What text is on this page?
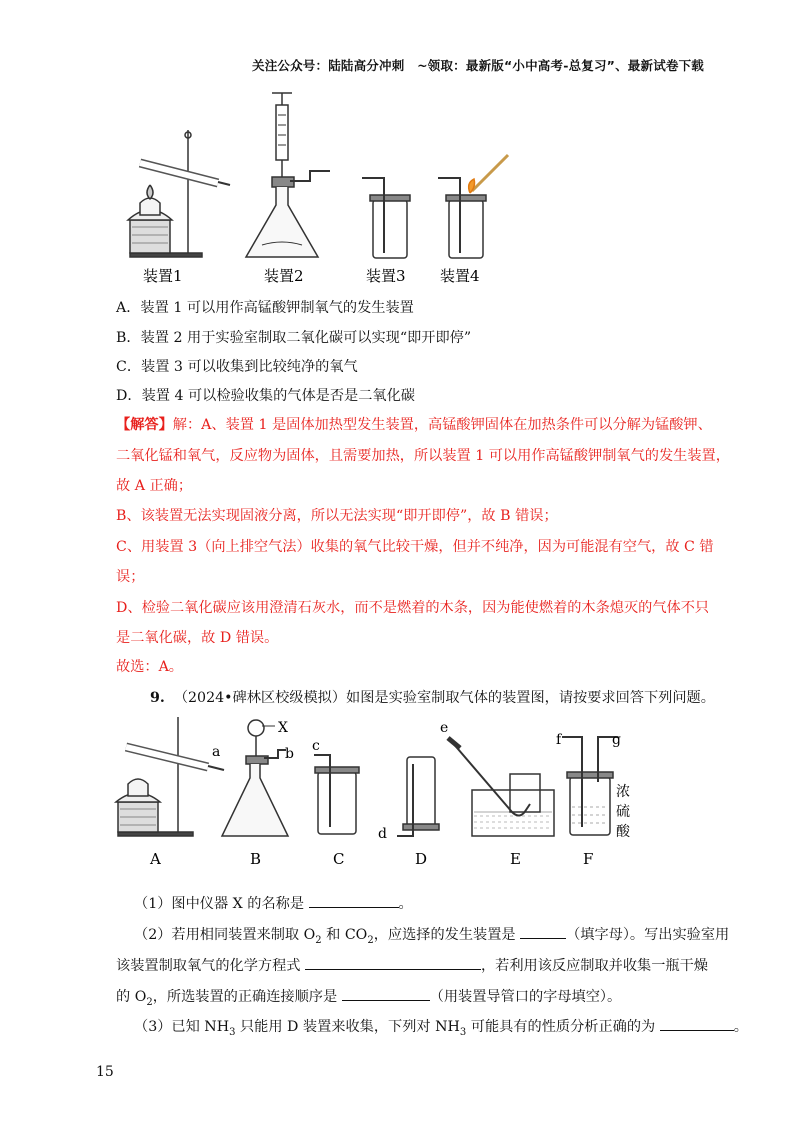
关注公众号：陆陆高分冲刺　~领取：最新版“小中高考-总复习”、最新试卷下载
装置1	装置2	装置3 装置4
A．装置 1 可以用作高锰酸钾制氧气的发生装置
B．装置 2 用于实验室制取二氧化碳可以实现“即开即停”
C．装置 3 可以收集到比较纯净的氧气
D．装置 4 可以检验收集的气体是否是二氧化碳
【解答】解：A、装置 1 是固体加热型发生装置，高锰酸钾固体在加热条件可以分解为锰酸钾、
二氧化锰和氧气，反应物为固体，且需要加热，所以装置 1 可以用作高锰酸钾制氧气的发生装置，
故 A 正确；
B、该装置无法实现固液分离，所以无法实现“即开即停”，故 B 错误；
C、用装置 3（向上排空气法）收集的氧气比较干燥，但并不纯净，因为可能混有空气，故 C 错
误；
D、检验二氧化碳应该用澄清石灰水，而不是燃着的木条，因为能使燃着的木条熄灭的气体不只
是二氧化碳，故 D 错误。
故选：A。
9. （2024•碑林区校级模拟）如图是实验室制取气体的装置图，请按要求回答下列问题。
a
X
b c
d
e
f	g
浓
硫
酸
A	B	C	D	E	F
（1）图中仪器 X 的名称是	。
（2）若用相同装置来制取 $O_2$ 和 $CO_2$，应选择的发生装置是	（填字母）。写出实验室用
该装置制取氧气的化学方程式	，若利用该反应制取并收集一瓶干燥
的 $O_2$，所选装置的正确连接顺序是	（用装置导管口的字母填空）。
（3）已知 $NH_3$ 只能用 D 装置来收集，下列对 $NH_3$ 可能具有的性质分析正确的为	。
15
